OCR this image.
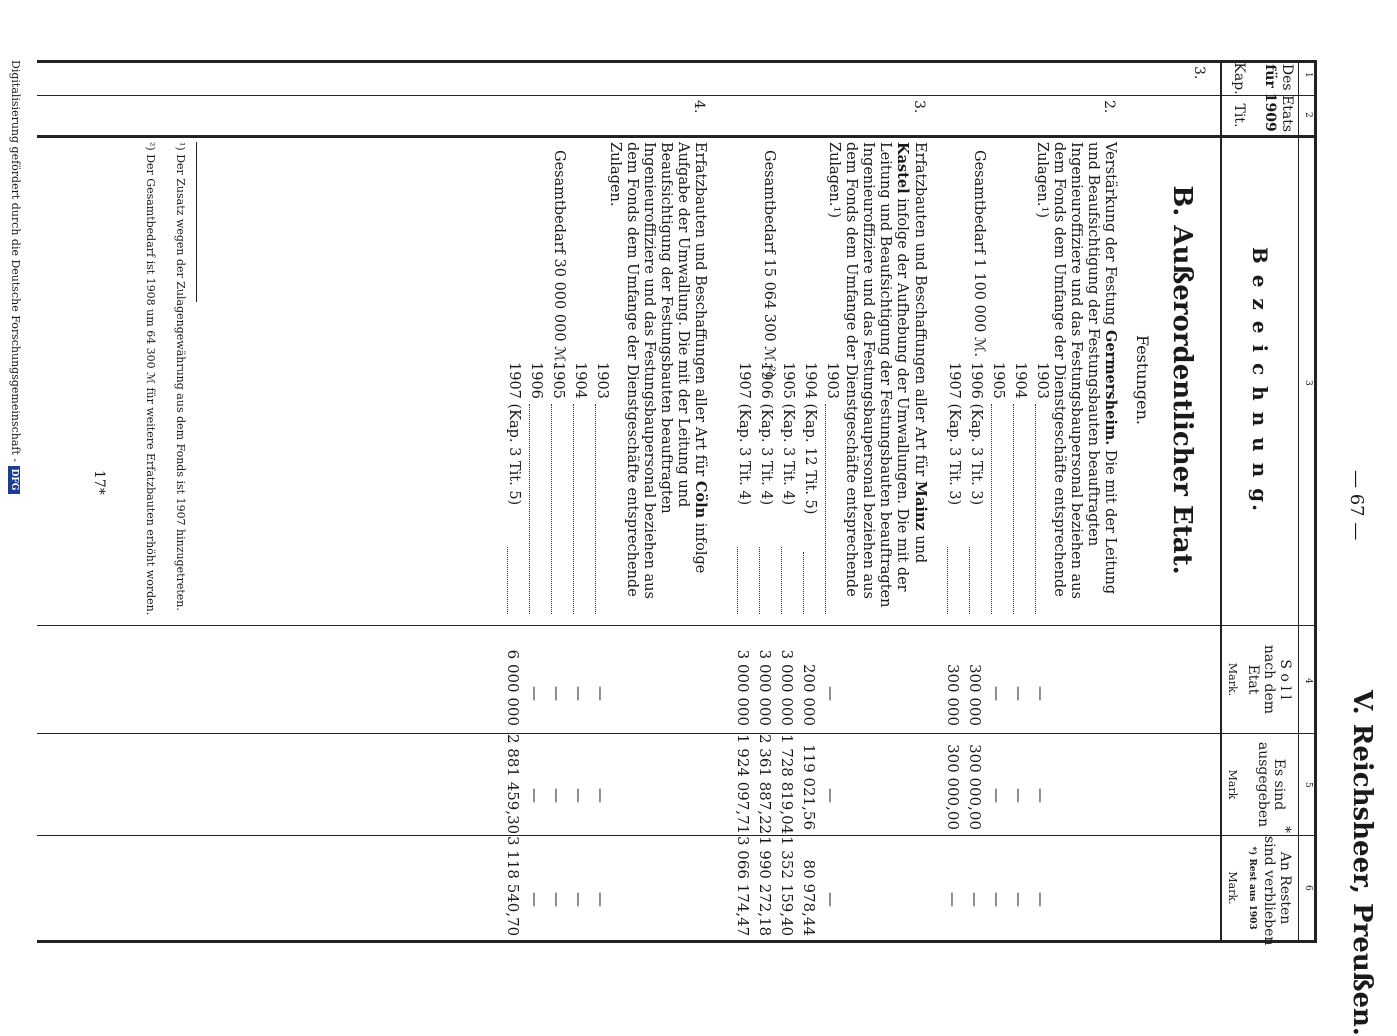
V. Reichsheer, Preußen.
— 67 —
1
2
3
4
5
6
Des Etats
für 1909
Kap.
Tit.
B e z e i c h n u n g.
S o l l
nach dem
Etat
Mark.
Es sind
*
ausgegeben
Mark
An Resten
sind verblieben
*) Rest aus 1903
Mark.
B. Außerordentlicher Etat.
Festungen.
3.
2.
Verstärkung der Festung Germersheim. Die mit der Leitung und Beaufsichtigung der Festungsbauten beauftragten Ingenieuroffiziere und das Festungsbaupersonal beziehen aus dem Fonds dem Umfange der Dienstgeschäfte entsprechende Zulagen.¹)
Gesamtbedarf 1 100 000 ℳ.
1903
—
—
—
1904
—
—
—
1905
—
—
—
1906 (Kap. 3 Tit. 3)
300 000
300 000,00
—
1907 (Kap. 3 Tit. 3)
300 000
300 000,00
—
3.
Erfatzbauten und Beschaffungen aller Art für Mainz und Kastel infolge der Aufhebung der Umwallungen. Die mit der Leitung und Beaufsichtigung der Festungsbauten beauftragten Ingenieuroffiziere und das Festungsbaupersonal beziehen aus dem Fonds dem Umfange der Dienstgeschäfte entsprechende Zulagen.¹)
Gesamtbedarf 15 064 300 ℳ.²)
1903
—
—
—
1904 (Kap. 12 Tit. 5)
200 000
119 021,56
80 978,44
1905 (Kap. 3 Tit. 4)
3 000 000
1 728 819,04
1 352 159,40
1906 (Kap. 3 Tit. 4)
3 000 000
2 361 887,22
1 990 272,18
1907 (Kap. 3 Tit. 4)
3 000 000
1 924 097,71
3 066 174,47
4.
Erfatzbauten und Beschaffungen aller Art für Cöln infolge Aufgabe der Umwallung. Die mit der Leitung und Beaufsichtigung der Festungsbauten beauftragten Ingenieuroffiziere und das Festungsbaupersonal beziehen aus dem Fonds dem Umfange der Dienstgeschäfte entsprechende Zulagen.
Gesamtbedarf 30 000 000 ℳ.
1903
—
—
—
1904
—
—
—
1905
—
—
—
1906
—
—
—
1907 (Kap. 3 Tit. 5)
6 000 000
2 881 459,30
3 118 540,70
¹) Der Zusatz wegen der Zulagengewährung aus dem Fonds ist 1907 hinzugetreten.
²) Der Gesamtbedarf ist 1908 um 64 300 ℳ für weitere Erfatzbauten erhöht worden.
17*
Digitalisierung gefördert durch die Deutsche Forschungsgemeinschaft - DFG
